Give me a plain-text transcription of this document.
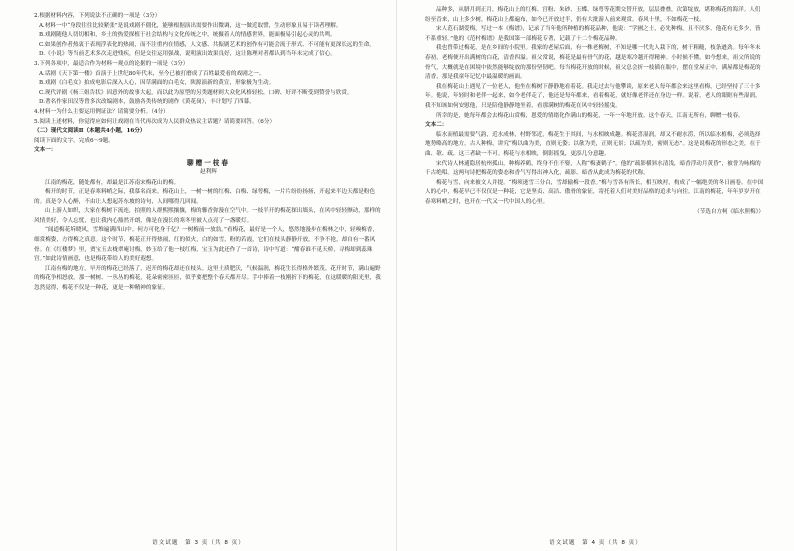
2.根据材料内容，下列说法不正确的一项是（3分）

A.材料一中“身段往往比较紧张”是说戏剧不僵化，能够根据演出需要作出微调，这一做近取譬，生动形象且易于读者理解。

B.戏剧随他人切切相和，乡土的热爱探植于社会结构与文化传统之中，统摄着人的情感世界，能面极易引起心灵的共鸣。

C.如果创作者热衷于表现浮表化的热闹，而不注重内在情感，人文感、共振剧艺术的创作有可能会流于形式、不可能有更深长远的生命。

D.《小说》等当前艺术多次走进残疾，但是交往运用强战，说明演出效果良好，这让陈理对者都认到当年未完成了信心。

3.下列各项中，最适合作为材料一观点的论据的一项是（3分）

A.话剧《天下第一楼》首演于上世纪80年代末，至今已被打磨成了百姓最爱看的戏剧之一。

B.戏剧《白毛女》拍成电影后深入人心，因草满面的白毛女，陕源演新的黄宣，形象极为生动。

C.现代评剧《杨三姐告状》因意外的故事大起，而以此为原型的另类题材则大众化风格轻松，口碑、好评不断受到赞誉与欣赏。

D.著名作家田汉等曾多次改编剧本，鼓励各类传统的剧作《黄花岗》，丰计划写了四幕。

4.材料一为什么主要运用例证法？请简要分析。（4分）

5.阅读上述材料，你觉得应如何让戏剧在当代再次成为人民群众热议主话题？请简要回答。（6分）

（二）现代文阅读Ⅱ（本题共4小题，16分）

阅读下面的文字，完成6～9题。

文本一：

聊赠一枝春

赵利辉

江南的梅花，随处都有，却最是江苏南宋梅花山的梅。

梅开的时节，正是春寒料峭之际，我慕名而来。梅花山上，一树一树的红梅、白梅、绿萼梅，一片片纷纷扬扬，开起来半边天都是粉色的。真是令人心醉，不由让人想起苏东坡的诗句，人间哪得几回闻。

山上游人如织，大家在梅树下流连，拍照的人群熙熙攘攘，梅的馨香弥漫在空气中。一枝半开的梅花探出墙头，在风中轻轻颤动，那样的风情美好，令人忘忧，也让我内心豁然开朗，像是在漫长的寒冬里被人点亮了一盏暖灯。

“闻道梅花坼晓风，雪堆遍满四山中。何方可化身千亿？一树梅前一放翁。”看梅花，最好是一个人，悠然地漫步在梅林之中，轻嗅梅香，细赏梅姿，方得梅之真意。这个时节，梅花正开得热闹，红的似火，白的如雪，粉的若霞，它们在枝头静静开放，不争不抢，却自有一番风骨。在《红楼梦》里，贾宝玉去栊翠庵讨梅，妙玉给了他一枝红梅，宝玉为此还作了一首诗，诗中写道：“酣春谁不觅天桥，寻梅却到蕊珠宫。”如此诗情画意，也是梅花带给人的美好遐想。

江南有梅的地方，早开的梅花已经落了，迟开的梅花却还在枝头。这里土质肥沃，气候温润，梅花生长得格外繁茂。花开时节，满山遍野的梅花争相怒放，那一树树、一丛丛的梅花，花朵密密匝匝，似乎要把整个春天都开尽。手中捧着一枝刚折下的梅花，在这暖暖的阳光里，我忽然觉得，梅花不仅是一种花，更是一种精神的象征。

语文试题　第 3 页（共 8 页）

品种多，从腊月到正月，梅花山上的红梅、宫粉、朱砂、玉蝶、绿萼等花期交替开放，层层叠叠，次第绽放，堪称梅花的海洋。人们纷至沓来，山上多少树，梅花山上都遍布，如今已开放过半，仍有大批游人前来观赏。春风十里，不如梅花一枝。

宋人范石湖爱梅，写过一本《梅谱》，记录了当年他所种植的梅花品种，他说：“学圃之士，必先种梅，且不厌多，他花有无多少，皆不系重轻。”他的《范村梅谱》是我国第一部梅花专著，记载了十二个梅花品种。

我也曾带过梅花，是在乡间的小院里。我家的老屋后面，有一株老梅树，不知是哪一代先人栽下的，树干粗糙，枝条遒劲。每年冬末春初，老梅便开出满树的白花，清香四溢。祖父常说，梅花是最有骨气的花，越是寒冷越开得精神。小时候不懂，如今想来，祖父所说的骨气，大概就是在困境中依然能够绽放的那份坚韧吧。每当梅花开放的时候，祖父总会折一枝插在瓶中，摆在堂屋正中，满屋都是梅花的清香，那是我童年记忆中最温暖的画面。

我在梅花山上遇见了一位老人，他坐在梅树下静静地看着花。我走过去与他攀谈，原来老人每年都会来这里看梅，已经坚持了三十多年。他说，年轻时和老伴一起来，如今老伴走了，他还是每年都来，看着梅花，就好像老伴还在身边一样。说着，老人的眼眶有些湿润。我不知该如何安慰他，只是陪他静静地坐着，看那满树的梅花在风中轻轻摇曳。

所幸的是，她每年都会去梅花山赏梅，恩爱的情绪化作满山的梅花，一年一年地开放。这个春天，江南无所有，聊赠一枝春。

文本二：

临水而植最需要气韵，近水成林，村野邻近，梅花生于其间，与水相映成趣。梅花喜湿润，却又不耐水涝，所以临水植梅，必须选择地势略高的地方。古人种梅，讲究“梅以曲为美，直则无姿；以欹为美，正则无景；以疏为美，密则无态”。这是说梅花的形态之美，在于曲、欹、疏，这三者缺一不可。梅花与水相映，倒影摇曳，更添几分意趣。

宋代诗人林逋隐居杭州孤山，种梅养鹤，终身不仕不娶，人称“梅妻鹤子”。他的“疏影横斜水清浅，暗香浮动月黄昏”，被誉为咏梅的千古绝唱。这两句诗把梅花的姿态和香气写得出神入化，疏影、暗香从此成为梅花的代称。

梅花与雪，向来被文人并提。“梅须逊雪三分白，雪却输梅一段香。”梅与雪各有所长，相互映衬，构成了一幅绝美的冬日画卷。在中国人的心中，梅花早已不仅仅是一种花，它是坚贞、高洁、傲骨的象征，寄托着人们对美好品格的追求与向往。江南的梅花，年年岁岁开在春寒料峭之时，也开在一代又一代中国人的心里。

（节选自方柯《临水照梅》）

语文试题　第 4 页（共 8 页）
